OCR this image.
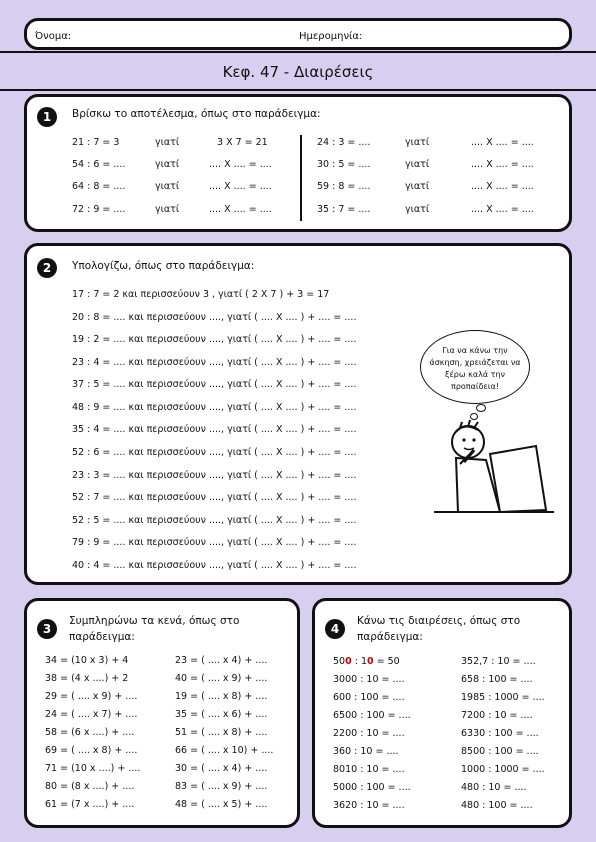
Όνομα:	Ημερομηνία:
Κεφ. 47 - Διαιρέσεις
1	Βρίσκω το αποτέλεσμα, όπως στο παράδειγμα:
21 : 7 = 3	γιατί	3 X 7 = 21
54 : 6 = ....	γιατί	.... X .... = ....
64 : 8 = ....	γιατί	.... X .... = ....
72 : 9 = ....	γιατί	.... X .... = ....
24 : 3 = ....	γιατί	.... X .... = ....
30 : 5 = ....	γιατί	.... X .... = ....
59 : 8 = ....	γιατί	.... X .... = ....
35 : 7 = ....	γιατί	.... X .... = ....
2	Υπολογίζω, όπως στο παράδειγμα:
17 : 7 = 2 και περισσεύουν 3 , γιατί ( 2 X 7 ) + 3 = 17
20 : 8 = .... και περισσεύουν ...., γιατί ( .... X .... ) + .... = ....
19 : 2 = .... και περισσεύουν ...., γιατί ( .... X .... ) + .... = ....
23 : 4 = .... και περισσεύουν ...., γιατί ( .... X .... ) + .... = ....
37 : 5 = .... και περισσεύουν ...., γιατί ( .... X .... ) + .... = ....
48 : 9 = .... και περισσεύουν ...., γιατί ( .... X .... ) + .... = ....
35 : 4 = .... και περισσεύουν ...., γιατί ( .... X .... ) + .... = ....
52 : 6 = .... και περισσεύουν ...., γιατί ( .... X .... ) + .... = ....
23 : 3 = .... και περισσεύουν ...., γιατί ( .... X .... ) + .... = ....
52 : 7 = .... και περισσεύουν ...., γιατί ( .... X .... ) + .... = ....
52 : 5 = .... και περισσεύουν ...., γιατί ( .... X .... ) + .... = ....
79 : 9 = .... και περισσεύουν ...., γιατί ( .... X .... ) + .... = ....
40 : 4 = .... και περισσεύουν ...., γιατί ( .... X .... ) + .... = ....
Για να κάνω την άσκηση, χρειάζεται να ξέρω καλά την προπαίδεια!
3
Συμπληρώνω τα κενά, όπως στο παράδειγμα:
34 = (10 x 3) + 4
38 = (4 x ....) + 2
29 = ( .... x 9) + ....
24 = ( .... x 7) + ....
58 = (6 x ....) + ....
69 = ( .... x 8) + ....
71 = (10 x ....) + ....
80 = (8 x ....) + ....
61 = (7 x ....) + ....
23 = ( .... x 4) + ....
40 = ( .... x 9) + ....
19 = ( .... x 8) + ....
35 = ( .... x 6) + ....
51 = ( .... x 8) + ....
66 = ( .... x 10) + ....
30 = ( .... x 4) + ....
83 = ( .... x 9) + ....
48 = ( .... x 5) + ....
4
Κάνω τις διαιρέσεις, όπως στο παράδειγμα:
500 : 10 = 50
3000 : 10 = ....
600 : 100 = ....
6500 : 100 = ....
2200 : 10 = ....
360 : 10 = ....
8010 : 10 = ....
5000 : 100 = ....
3620 : 10 = ....
352,7 : 10 = ....
658 : 100 = ....
1985 : 1000 = ....
7200 : 10 = ....
6330 : 100 = ....
8500 : 100 = ....
1000 : 1000 = ....
480 : 10 = ....
480 : 100 = ....
